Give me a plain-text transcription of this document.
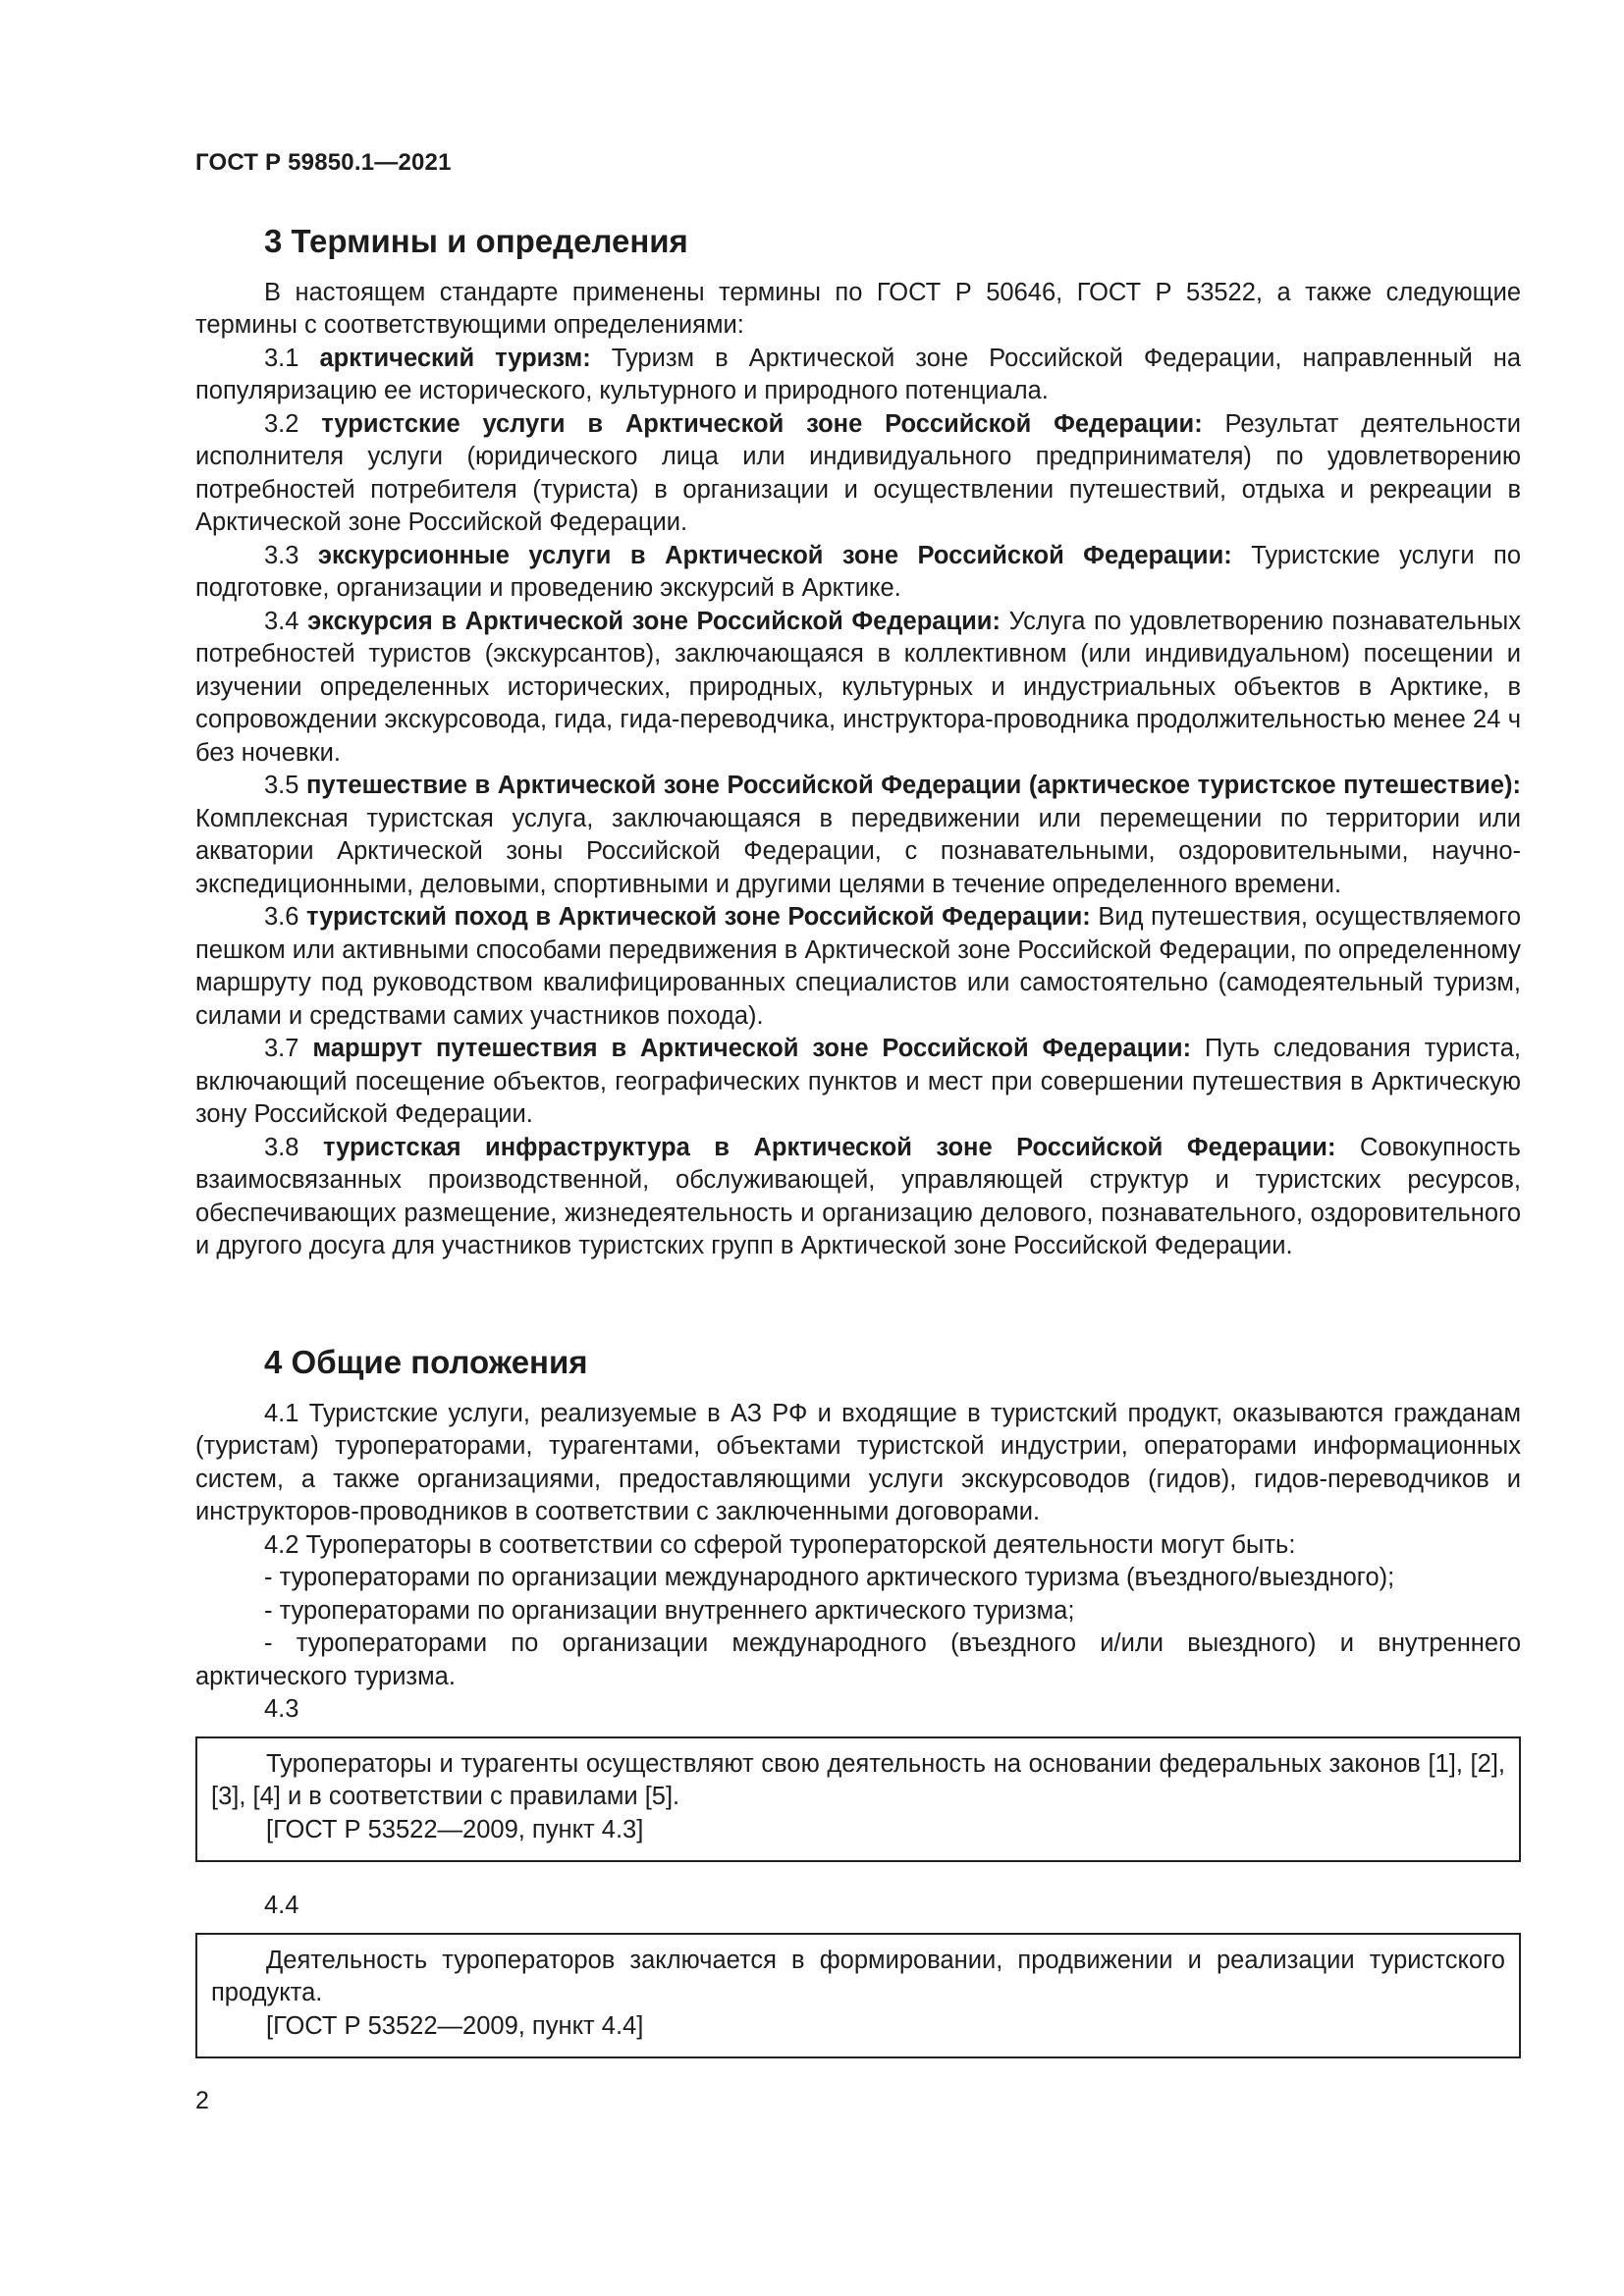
ГОСТ Р 59850.1—2021
3 Термины и определения

В настоящем стандарте применены термины по ГОСТ Р 50646, ГОСТ Р 53522, а также следующие термины с соответствующими определениями:

3.1 арктический туризм: Туризм в Арктической зоне Российской Федерации, направленный на популяризацию ее исторического, культурного и природного потенциала.

3.2 туристские услуги в Арктической зоне Российской Федерации: Результат деятельности исполнителя услуги (юридического лица или индивидуального предпринимателя) по удовлетворению потребностей потребителя (туриста) в организации и осуществлении путешествий, отдыха и рекреации в Арктической зоне Российской Федерации.

3.3 экскурсионные услуги в Арктической зоне Российской Федерации: Туристские услуги по подготовке, организации и проведению экскурсий в Арктике.

3.4 экскурсия в Арктической зоне Российской Федерации: Услуга по удовлетворению познавательных потребностей туристов (экскурсантов), заключающаяся в коллективном (или индивидуальном) посещении и изучении определенных исторических, природных, культурных и индустриальных объектов в Арктике, в сопровождении экскурсовода, гида, гида-переводчика, инструктора-проводника продолжительностью менее 24 ч без ночевки.

3.5 путешествие в Арктической зоне Российской Федерации (арктическое туристское путешествие): Комплексная туристская услуга, заключающаяся в передвижении или перемещении по территории или акватории Арктической зоны Российской Федерации, с познавательными, оздоровительными, научно-экспедиционными, деловыми, спортивными и другими целями в течение определенного времени.

3.6 туристский поход в Арктической зоне Российской Федерации: Вид путешествия, осуществляемого пешком или активными способами передвижения в Арктической зоне Российской Федерации, по определенному маршруту под руководством квалифицированных специалистов или самостоятельно (самодеятельный туризм, силами и средствами самих участников похода).

3.7 маршрут путешествия в Арктической зоне Российской Федерации: Путь следования туриста, включающий посещение объектов, географических пунктов и мест при совершении путешествия в Арктическую зону Российской Федерации.

3.8 туристская инфраструктура в Арктической зоне Российской Федерации: Совокупность взаимосвязанных производственной, обслуживающей, управляющей структур и туристских ресурсов, обеспечивающих размещение, жизнедеятельность и организацию делового, познавательного, оздоровительного и другого досуга для участников туристских групп в Арктической зоне Российской Федерации.

4 Общие положения

4.1 Туристские услуги, реализуемые в АЗ РФ и входящие в туристский продукт, оказываются гражданам (туристам) туроператорами, турагентами, объектами туристской индустрии, операторами информационных систем, а также организациями, предоставляющими услуги экскурсоводов (гидов), гидов-переводчиков и инструкторов-проводников в соответствии с заключенными договорами.

4.2 Туроператоры в соответствии со сферой туроператорской деятельности могут быть:

- туроператорами по организации международного арктического туризма (въездного/выездного);

- туроператорами по организации внутреннего арктического туризма;

- туроператорами по организации международного (въездного и/или выездного) и внутреннего арктического туризма.

4.3

Туроператоры и турагенты осуществляют свою деятельность на основании федеральных законов [1], [2], [3], [4] и в соответствии с правилами [5].

[ГОСТ Р 53522—2009, пункт 4.3]

4.4

Деятельность туроператоров заключается в формировании, продвижении и реализации туристского продукта.

[ГОСТ Р 53522—2009, пункт 4.4]

2
